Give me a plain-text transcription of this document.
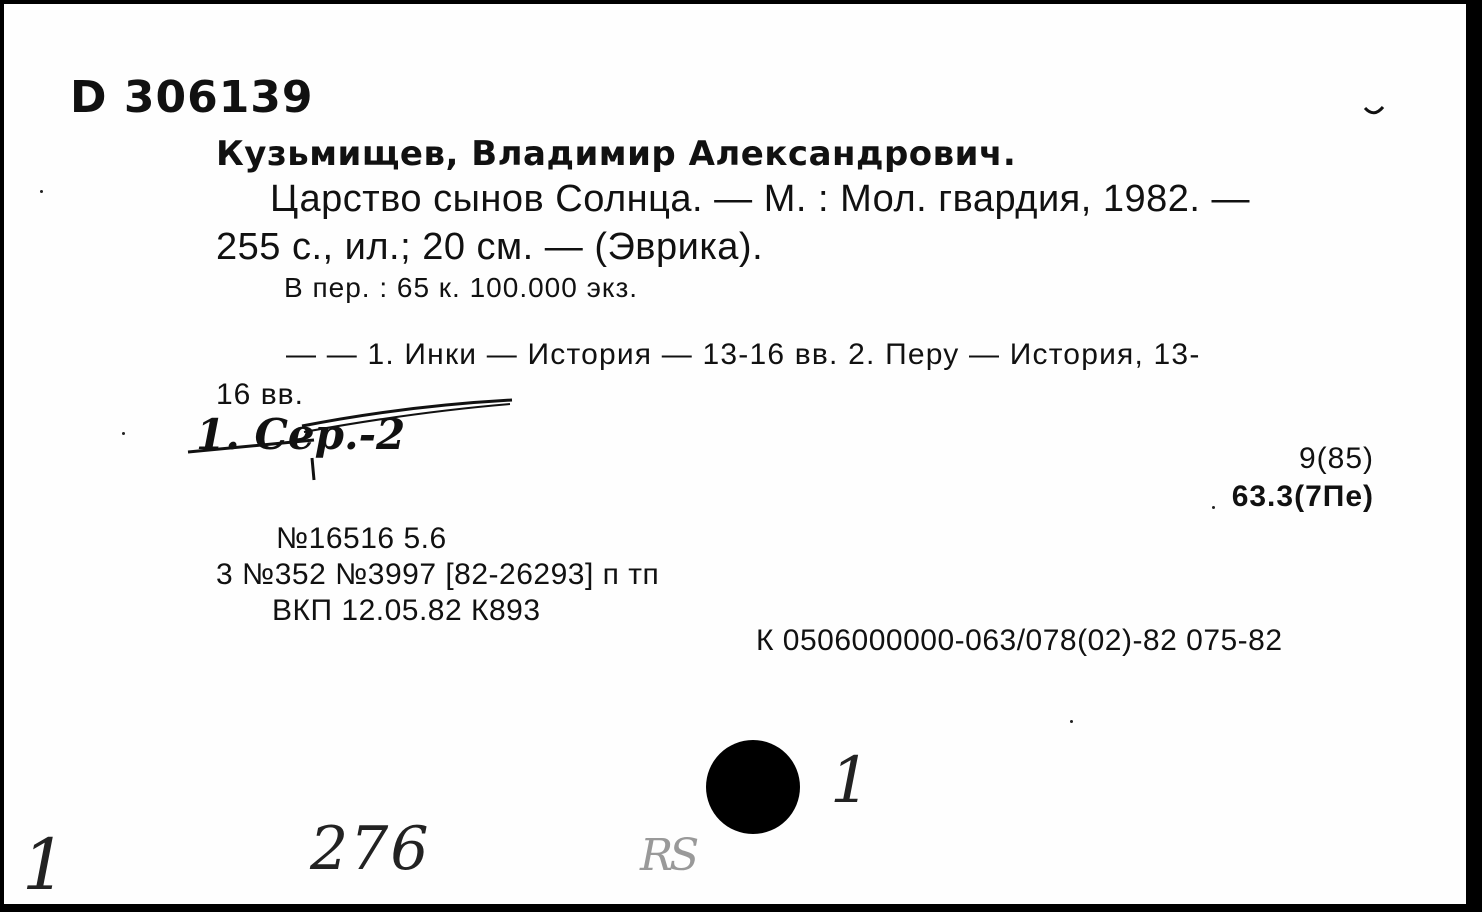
D 306139
Кузьмищев, Владимир Александрович.
Царство сынов Солнца. — М. : Мол. гвардия, 1982. —
255 с., ил.; 20 см. — (Эврика).
В пер. : 65 к. 100.000 экз.
— — 1. Инки — История — 13-16 вв. 2. Перу — История, 13-
16 вв.
1. Сер.-2	9(85)
63.3(7Пе)
№16516 5.6
3 №352 №3997 [82-26293] п тп
ВКП 12.05.82 К893
К 0506000000-063/078(02)-82 075-82
1
1	276	RS
